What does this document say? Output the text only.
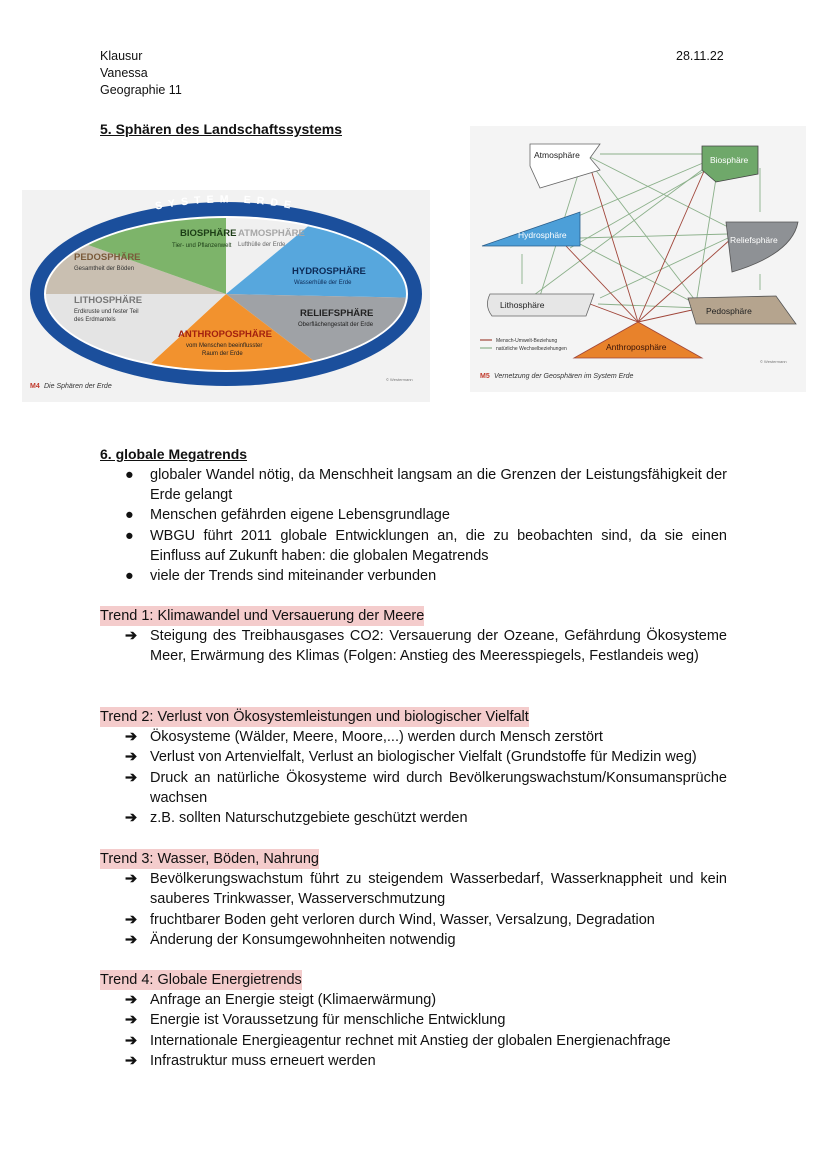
Klausur
Vanessa
Geographie 11
28.11.22
5. Sphären des Landschaftssystems
SYSTEM ERDE
BIOSPHÄRE
Tier- und Pflanzenwelt
ATMOSPHÄRE
Lufthülle der Erde
PEDOSPHÄRE
Gesamtheit der Böden	HYDROSPHÄRE
Wasserhülle der Erde
LITHOSPHÄRE
Erdkruste und fester Teil
des Erdmantels
RELIEFSPHÄRE
Oberflächengestalt der Erde
ANTHROPOSPHÄRE
vom Menschen beeinflusster
Raum der Erde
© Westermann
M4 Die Sphären der Erde
Atmosphäre	Biosphäre
Hydrosphäre	Reliefsphäre
Lithosphäre
Pedosphäre
Anthroposphäre
Mensch-Umwelt-Beziehung
natürliche Wechselbeziehungen
© Westermann
M5 Vernetzung der Geosphären im System Erde
6. globale Megatrends
● globaler Wandel nötig, da Menschheit langsam an die Grenzen der Leistungsfähigkeit der Erde gelangt
● Menschen gefährden eigene Lebensgrundlage
● WBGU führt 2011 globale Entwicklungen an, die zu beobachten sind, da sie einen Einfluss auf Zukunft haben: die globalen Megatrends
● viele der Trends sind miteinander verbunden
Trend 1: Klimawandel und Versauerung der Meere
➔ Steigung des Treibhausgases CO2: Versauerung der Ozeane, Gefährdung Ökosysteme Meer, Erwärmung des Klimas (Folgen: Anstieg des Meeresspiegels, Festlandeis weg)
Trend 2: Verlust von Ökosystemleistungen und biologischer Vielfalt
➔ Ökosysteme (Wälder, Meere, Moore,...) werden durch Mensch zerstört
➔ Verlust von Artenvielfalt, Verlust an biologischer Vielfalt (Grundstoffe für Medizin weg)
➔ Druck an natürliche Ökosysteme wird durch Bevölkerungswachstum/Konsumansprüche wachsen
➔ z.B. sollten Naturschutzgebiete geschützt werden
Trend 3: Wasser, Böden, Nahrung
➔ Bevölkerungswachstum führt zu steigendem Wasserbedarf, Wasserknappheit und kein sauberes Trinkwasser, Wasserverschmutzung
➔ fruchtbarer Boden geht verloren durch Wind, Wasser, Versalzung, Degradation
➔ Änderung der Konsumgewohnheiten notwendig
Trend 4: Globale Energietrends
➔ Anfrage an Energie steigt (Klimaerwärmung)
➔ Energie ist Voraussetzung für menschliche Entwicklung
➔ Internationale Energieagentur rechnet mit Anstieg der globalen Energienachfrage
➔ Infrastruktur muss erneuert werden
